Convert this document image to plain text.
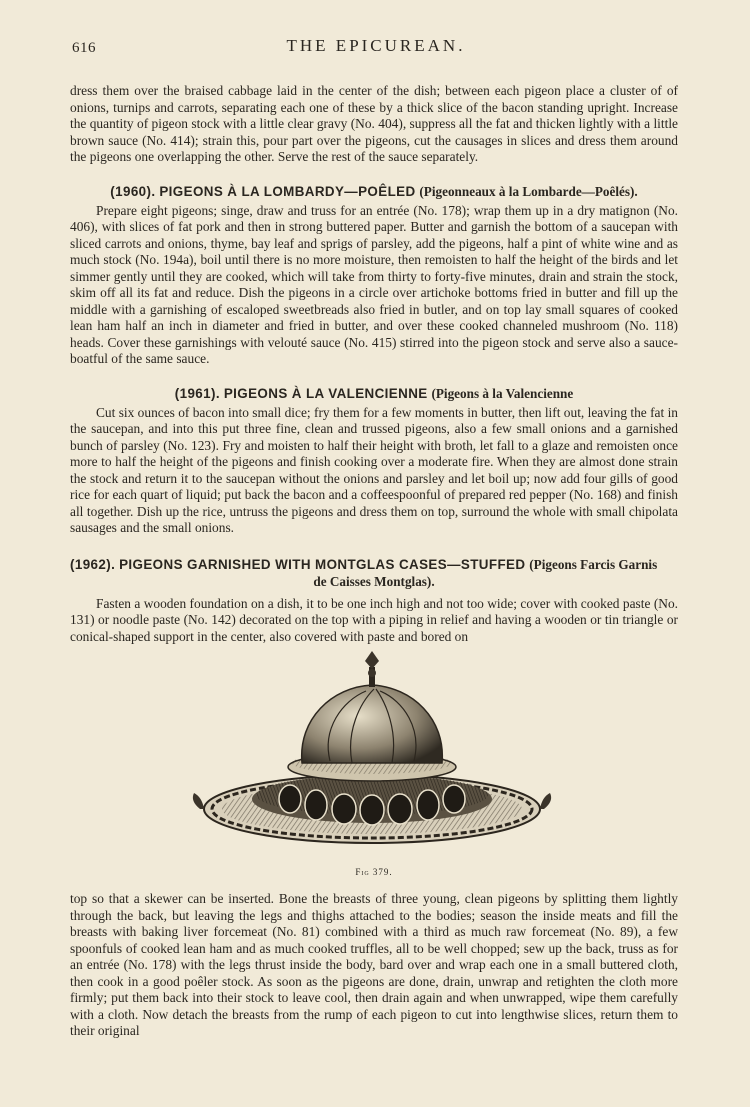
616	THE EPICUREAN.

dress them over the braised cabbage laid in the center of the dish; between each pigeon place a cluster of of onions, turnips and carrots, separating each one of these by a thick slice of the bacon standing upright. Increase the quantity of pigeon stock with a little clear gravy (No. 404), suppress all the fat and thicken lightly with a little brown sauce (No. 414); strain this, pour part over the pigeons, cut the causages in slices and dress them around the pigeons one overlapping the other. Serve the rest of the sauce separately.

(1960). PIGEONS À LA LOMBARDY—POÊLED (Pigeonneaux à la Lombarde—Poêlés).

Prepare eight pigeons; singe, draw and truss for an entrée (No. 178); wrap them up in a dry matignon (No. 406), with slices of fat pork and then in strong buttered paper. Butter and garnish the bottom of a saucepan with sliced carrots and onions, thyme, bay leaf and sprigs of parsley, add the pigeons, half a pint of white wine and as much stock (No. 194a), boil until there is no more moisture, then remoisten to half the height of the birds and let simmer gently until they are cooked, which will take from thirty to forty-five minutes, drain and strain the stock, skim off all its fat and reduce. Dish the pigeons in a circle over artichoke bottoms fried in butter and fill up the middle with a garnishing of escaloped sweetbreads also fried in butler, and on top lay small squares of cooked lean ham half an inch in diameter and fried in butter, and over these cooked channeled mushroom (No. 118) heads. Cover these garnishings with velouté sauce (No. 415) stirred into the pigeon stock and serve also a sauce-boatful of the same sauce.

(1961). PIGEONS À LA VALENCIENNE (Pigeons à la Valencienne

Cut six ounces of bacon into small dice; fry them for a few moments in butter, then lift out, leaving the fat in the saucepan, and into this put three fine, clean and trussed pigeons, also a few small onions and a garnished bunch of parsley (No. 123). Fry and moisten to half their height with broth, let fall to a glaze and remoisten once more to half the height of the pigeons and finish cooking over a moderate fire. When they are almost done strain the stock and return it to the saucepan without the onions and parsley and let boil up; now add four gills of good rice for each quart of liquid; put back the bacon and a coffeespoonful of prepared red pepper (No. 168) and finish all together. Dish up the rice, untruss the pigeons and dress them on top, surround the whole with small chipolata sausages and the small onions.

(1962). PIGEONS GARNISHED WITH MONTGLAS CASES—STUFFED (Pigeons Farcis Garnis
de Caisses Montglas).

Fasten a wooden foundation on a dish, it to be one inch high and not too wide; cover with cooked paste (No. 131) or noodle paste (No. 142) decorated on the top with a piping in relief and having a wooden or tin triangle or conical-shaped support in the center, also covered with paste and bored on

Fig 379.

top so that a skewer can be inserted. Bone the breasts of three young, clean pigeons by splitting them lightly through the back, but leaving the legs and thighs attached to the bodies; season the inside meats and fill the breasts with baking liver forcemeat (No. 81) combined with a third as much raw forcemeat (No. 89), a few spoonfuls of cooked lean ham and as much cooked truffles, all to be well chopped; sew up the back, truss as for an entrée (No. 178) with the legs thrust inside the body, bard over and wrap each one in a small buttered cloth, then cook in a good poêler stock. As soon as the pigeons are done, drain, unwrap and retighten the cloth more firmly; put them back into their stock to leave cool, then drain again and when unwrapped, wipe them carefully with a cloth. Now detach the breasts from the rump of each pigeon to cut into lengthwise slices, return them to their original
